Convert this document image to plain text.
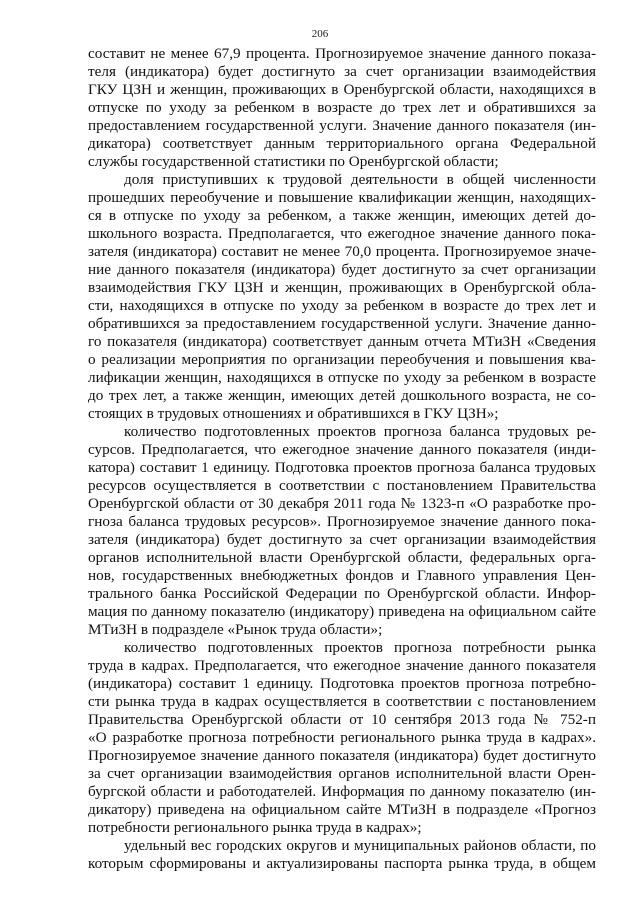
206
составит не менее 67,9 процента. Прогнозируемое значение данного показа-
теля (индикатора) будет достигнуто за счет организации взаимодействия
ГКУ ЦЗН и женщин, проживающих в Оренбургской области, находящихся в
отпуске по уходу за ребенком в возрасте до трех лет и обратившихся за
предоставлением государственной услуги. Значение данного показателя (ин-
дикатора) соответствует данным территориального органа Федеральной
службы государственной статистики по Оренбургской области;
доля приступивших к трудовой деятельности в общей численности
прошедших переобучение и повышение квалификации женщин, находящих-
ся в отпуске по уходу за ребенком, а также женщин, имеющих детей до-
школьного возраста. Предполагается, что ежегодное значение данного пока-
зателя (индикатора) составит не менее 70,0 процента. Прогнозируемое значе-
ние данного показателя (индикатора) будет достигнуто за счет организации
взаимодействия ГКУ ЦЗН и женщин, проживающих в Оренбургской обла-
сти, находящихся в отпуске по уходу за ребенком в возрасте до трех лет и
обратившихся за предоставлением государственной услуги. Значение данно-
го показателя (индикатора) соответствует данным отчета МТиЗН «Сведения
о реализации мероприятия по организации переобучения и повышения ква-
лификации женщин, находящихся в отпуске по уходу за ребенком в возрасте
до трех лет, а также женщин, имеющих детей дошкольного возраста, не со-
стоящих в трудовых отношениях и обратившихся в ГКУ ЦЗН»;
количество подготовленных проектов прогноза баланса трудовых ре-
сурсов. Предполагается, что ежегодное значение данного показателя (инди-
катора) составит 1 единицу. Подготовка проектов прогноза баланса трудовых
ресурсов осуществляется в соответствии с постановлением Правительства
Оренбургской области от 30 декабря 2011 года № 1323-п «О разработке про-
гноза баланса трудовых ресурсов». Прогнозируемое значение данного пока-
зателя (индикатора) будет достигнуто за счет организации взаимодействия
органов исполнительной власти Оренбургской области, федеральных орга-
нов, государственных внебюджетных фондов и Главного управления Цен-
трального банка Российской Федерации по Оренбургской области. Инфор-
мация по данному показателю (индикатору) приведена на официальном сайте
МТиЗН в подразделе «Рынок труда области»;
количество подготовленных проектов прогноза потребности рынка
труда в кадрах. Предполагается, что ежегодное значение данного показателя
(индикатора) составит 1 единицу. Подготовка проектов прогноза потребно-
сти рынка труда в кадрах осуществляется в соответствии с постановлением
Правительства Оренбургской области от 10 сентября 2013 года № 752-п
«О разработке прогноза потребности регионального рынка труда в кадрах».
Прогнозируемое значение данного показателя (индикатора) будет достигнуто
за счет организации взаимодействия органов исполнительной власти Орен-
бургской области и работодателей. Информация по данному показателю (ин-
дикатору) приведена на официальном сайте МТиЗН в подразделе «Прогноз
потребности регионального рынка труда в кадрах»;
удельный вес городских округов и муниципальных районов области, по
которым сформированы и актуализированы паспорта рынка труда, в общем
